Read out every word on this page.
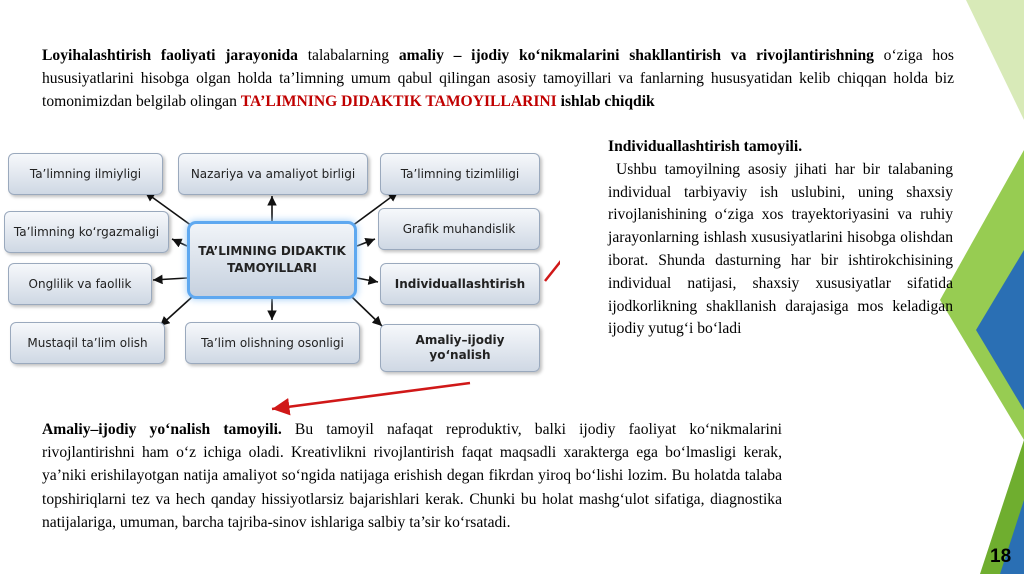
Loyihalashtirish faoliyati jarayonida talabalarning amaliy – ijodiy ko‘nikmalarini shakllantirish va rivojlantirishning o‘ziga hos hususiyatlarini hisobga olgan holda ta’limning umum qabul qilingan asosiy tamoyillari va fanlarning hususyatidan kelib chiqqan holda biz tomonimizdan belgilab olingan TA’LIMNING DIDAKTIK TAMOYILLARINI ishlab chiqdik
Ta’limning ilmiyligi	Nazariya va amaliyot birligi	Ta’limning tizimliligi
Ta’limning ko‘rgazmaligi	Grafik muhandislik
Onglilik va faollik	Individuallashtirish
Mustaqil ta’lim olish	Ta’lim olishning osonligi	Amaliy–ijodiy yo‘nalish
TA’LIMNING DIDAKTIK
TAMOYILLARI
Individuallashtirish tamoyili.
Ushbu tamoyilning asosiy jihati har bir talabaning individual tarbiyaviy ish uslubini, uning shaxsiy rivojlanishining o‘ziga xos trayektoriyasini va ruhiy jarayonlarning ishlash xususiyatlarini hisobga olishdan iborat. Shunda dasturning har bir ishtirokchisining individual natijasi, shaxsiy xususiyatlar sifatida ijodkorlikning shakllanish darajasiga mos keladigan ijodiy yutug‘i bo‘ladi
Amaliy–ijodiy yo‘nalish tamoyili. Bu tamoyil nafaqat reproduktiv, balki ijodiy faoliyat ko‘nikmalarini rivojlantirishni ham o‘z ichiga oladi. Kreativlikni rivojlantirish faqat maqsadli xarakterga ega bo‘lmasligi kerak, ya’niki erishilayotgan natija amaliyot so‘ngida natijaga erishish degan fikrdan yiroq bo‘lishi lozim. Bu holatda talaba topshiriqlarni tez va hech qanday hissiyotlarsiz bajarishlari kerak. Chunki bu holat mashg‘ulot sifatiga, diagnostika natijalariga, umuman, barcha tajriba-sinov ishlariga salbiy ta’sir ko‘rsatadi.
18
